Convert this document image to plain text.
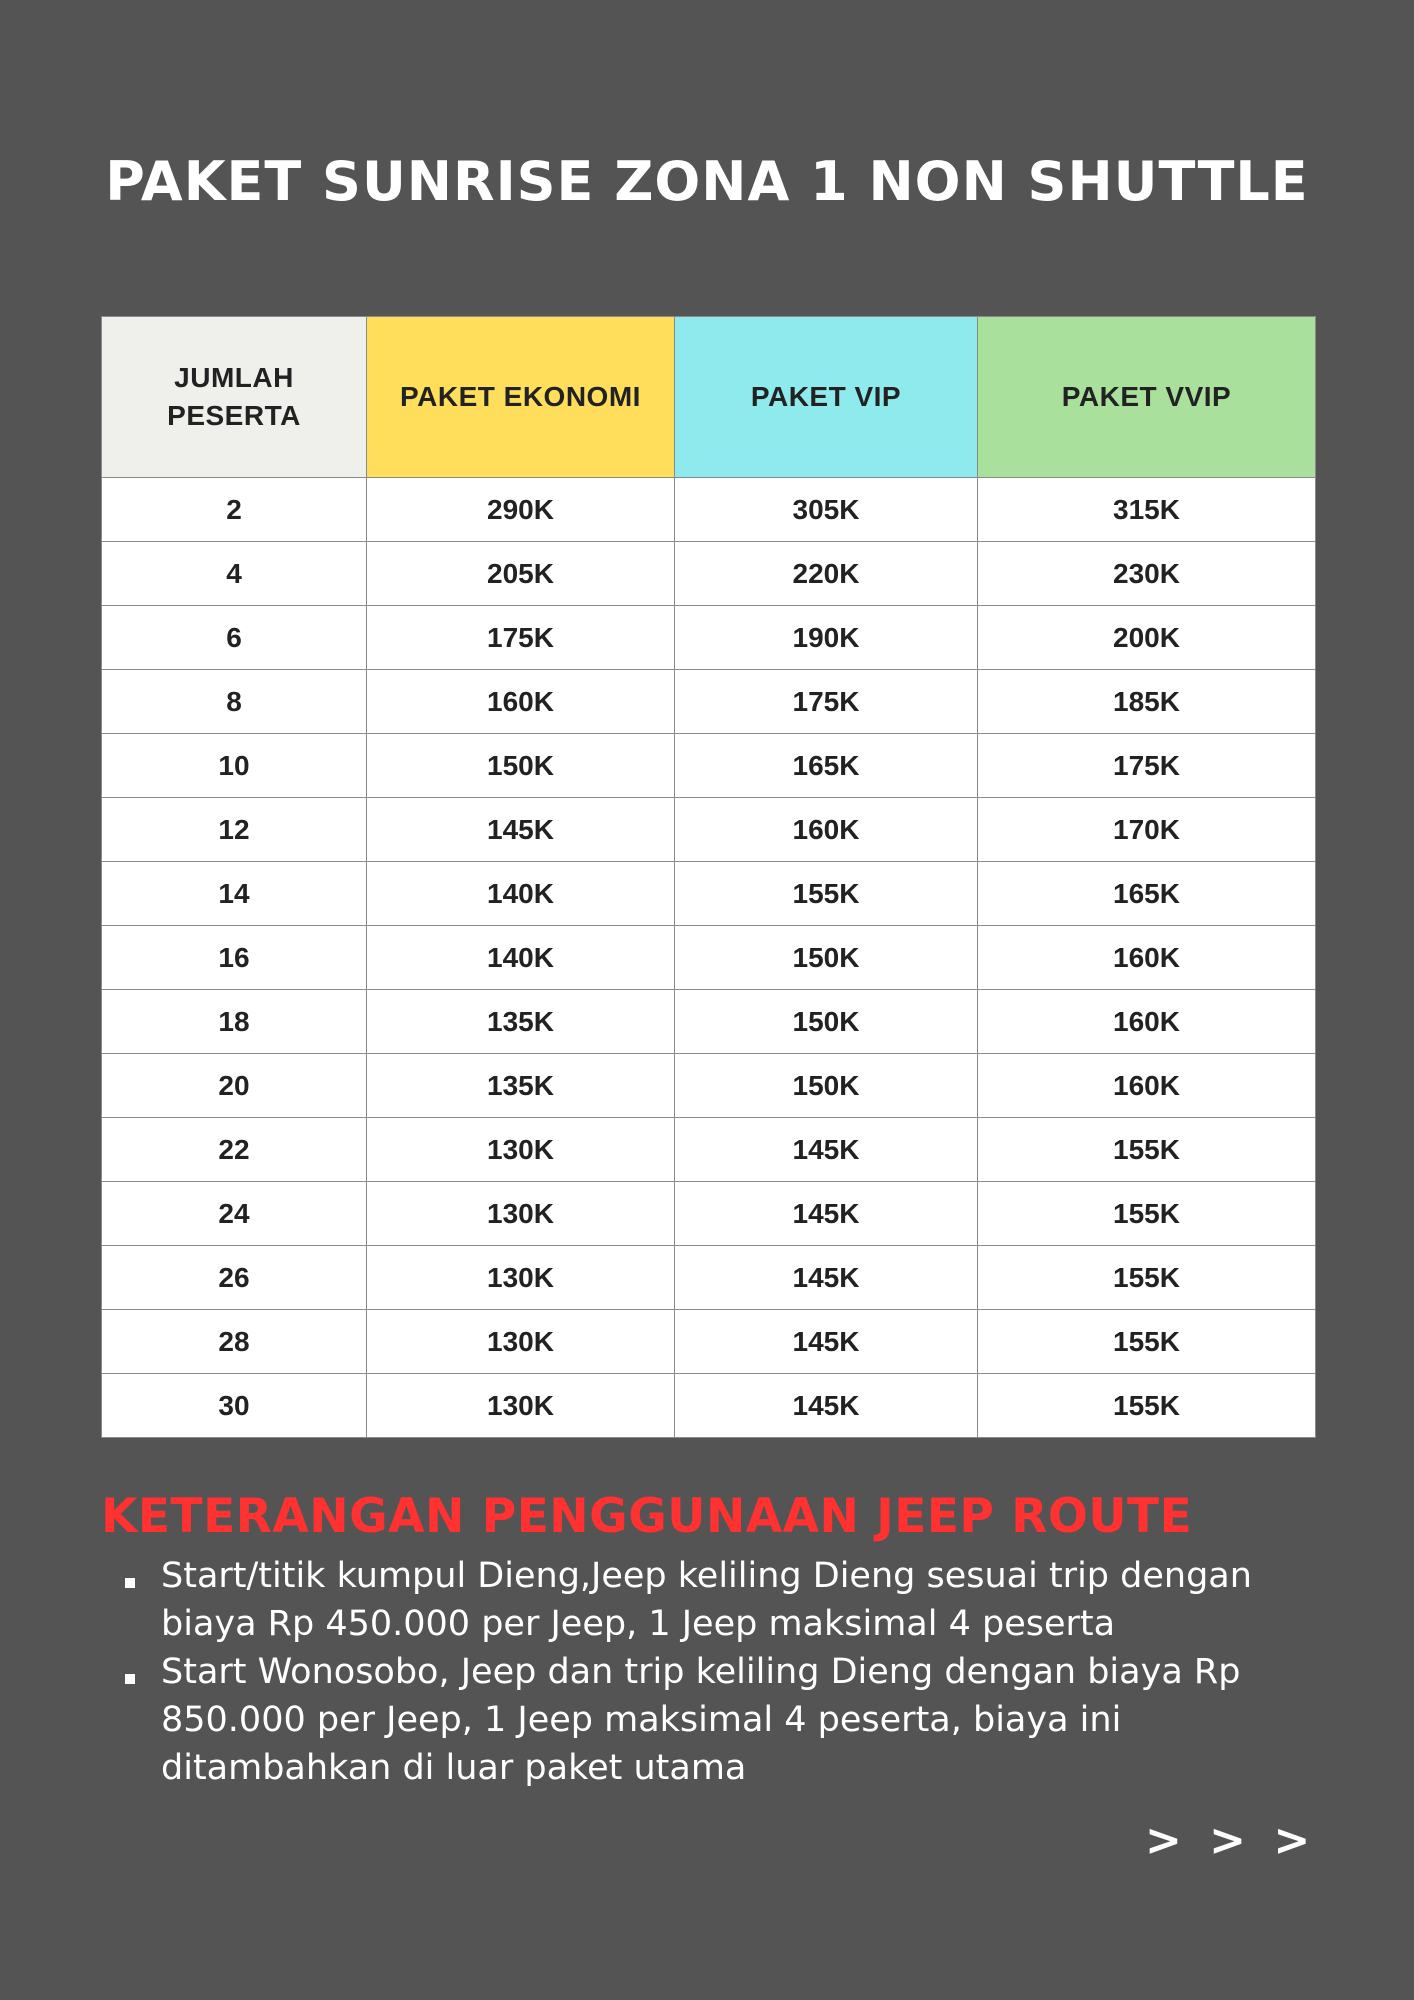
PAKET SUNRISE ZONA 1 NON SHUTTLE
JUMLAH PESERTA	PAKET EKONOMI	PAKET VIP	PAKET VVIP
2	290K	305K	315K
4	205K	220K	230K
6	175K	190K	200K
8	160K	175K	185K
10	150K	165K	175K
12	145K	160K	170K
14	140K	155K	165K
16	140K	150K	160K
18	135K	150K	160K
20	135K	150K	160K
22	130K	145K	155K
24	130K	145K	155K
26	130K	145K	155K
28	130K	145K	155K
30	130K	145K	155K
KETERANGAN PENGGUNAAN JEEP ROUTE
Start/titik kumpul Dieng,Jeep keliling Dieng sesuai trip dengan biaya Rp 450.000 per Jeep, 1 Jeep maksimal 4 peserta
Start Wonosobo, Jeep dan trip keliling Dieng dengan biaya Rp 850.000 per Jeep, 1 Jeep maksimal 4 peserta, biaya ini ditambahkan di luar paket utama
> > >
